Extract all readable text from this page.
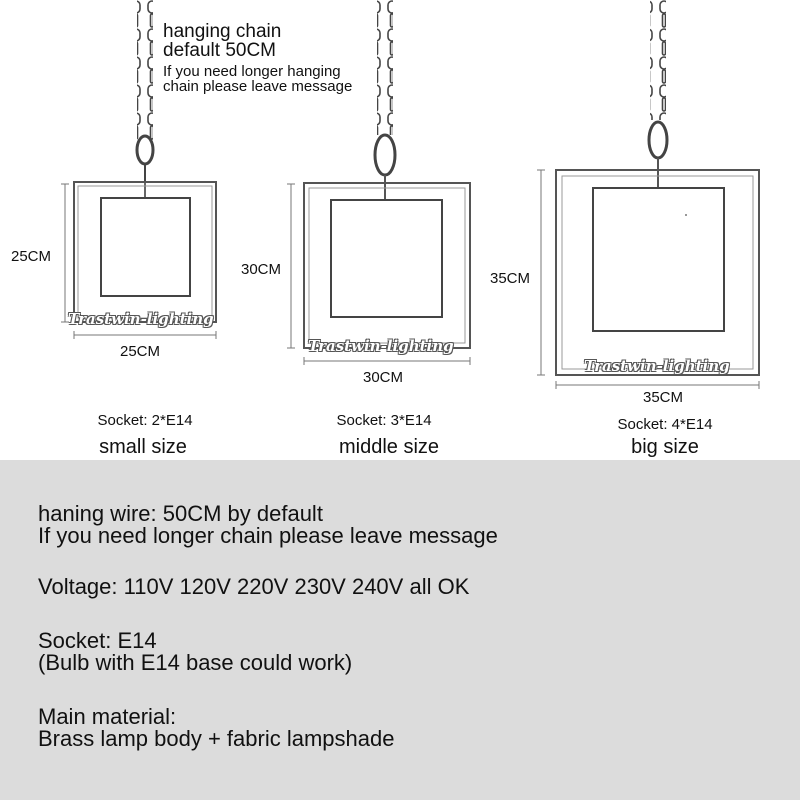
hanging chain
default 50CM
If you need longer hanging
chain please leave message
25CM
25CM
Trastwin-lighting
Socket: 2*E14
small size
30CM
30CM
Trastwin-lighting
Socket: 3*E14
middle size
35CM
35CM
Trastwin-lighting
Socket: 4*E14
big size
haning wire: 50CM by default
If you need longer chain please leave message
Voltage: 110V 120V 220V 230V 240V all OK
Socket: E14
(Bulb with E14 base could work)
Main material:
Brass lamp body + fabric lampshade
